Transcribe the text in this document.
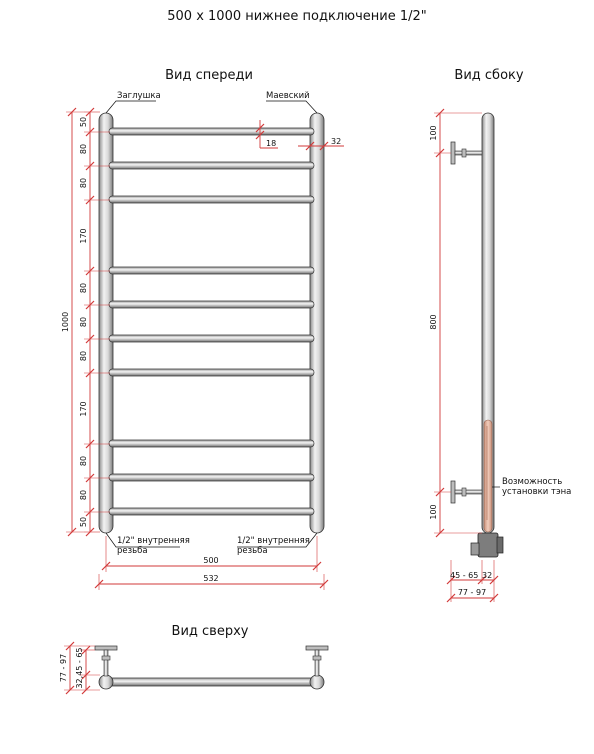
500 х 1000 нижнее подключение 1/2"
Вид спереди
Заглушка	Маевский
1/2" внутренняя
резьба
1/2" внутренняя
резьба
50
80
80
170
80
80
80
170
80
80
50
1000
18	32
500
532
Вид сбоку
Возможность
установки тэна
100
800
100
45 - 65 32
77 - 97
Вид сверху
77 - 97 32,45 - 65
